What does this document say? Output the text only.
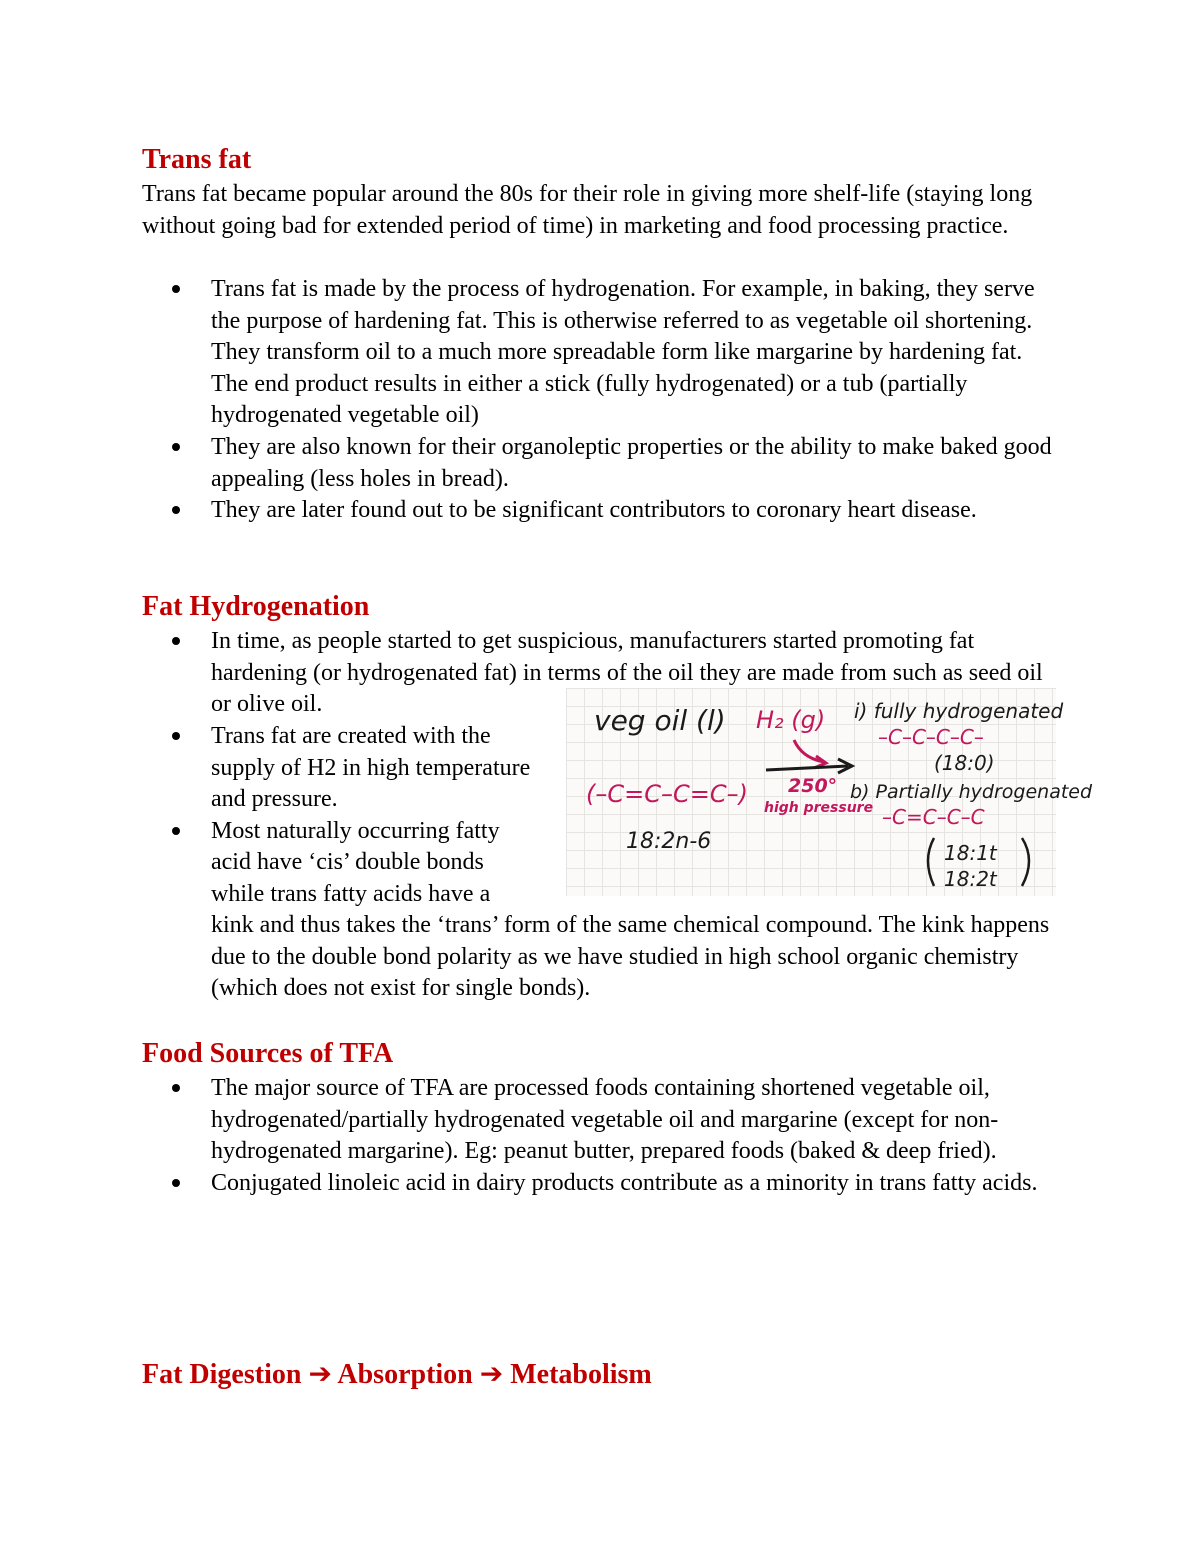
Trans fat

Trans fat became popular around the 80s for their role in giving more shelf-life (staying long without going bad for extended period of time) in marketing and food processing practice.

Trans fat is made by the process of hydrogenation. For example, in baking, they serve the purpose of hardening fat. This is otherwise referred to as vegetable oil shortening. They transform oil to a much more spreadable form like margarine by hardening fat. The end product results in either a stick (fully hydrogenated) or a tub (partially hydrogenated vegetable oil)
They are also known for their organoleptic properties or the ability to make baked good appealing (less holes in bread).
They are later found out to be significant contributors to coronary heart disease.
Fat Hydrogenation
In time, as people started to get suspicious, manufacturers started promoting fat hardening (or hydrogenated fat) in terms of the oil they are made from such as seed oil or olive oil.
Trans fat are created with the supply of H2 in high temperature and pressure.
Most naturally occurring fatty acid have ‘cis’ double bonds while trans fatty acids have a

kink and thus takes the ‘trans’ form of the same chemical compound. The kink happens due to the double bond polarity as we have studied in high school organic chemistry (which does not exist for single bonds).

veg oil (l) H₂ (g)
(–C=C–C=C–)
18:2n-6
250°
high pressure
i) fully hydrogenated
–C–C–C–C–
(18:0)
b) Partially hydrogenated
–C=C–C–C
18:1t
18:2t
Food Sources of TFA
The major source of TFA are processed foods containing shortened vegetable oil, hydrogenated/partially hydrogenated vegetable oil and margarine (except for non-hydrogenated margarine). Eg: peanut butter, prepared foods (baked & deep fried).
Conjugated linoleic acid in dairy products contribute as a minority in trans fatty acids.
Fat Digestion ➔ Absorption ➔ Metabolism
